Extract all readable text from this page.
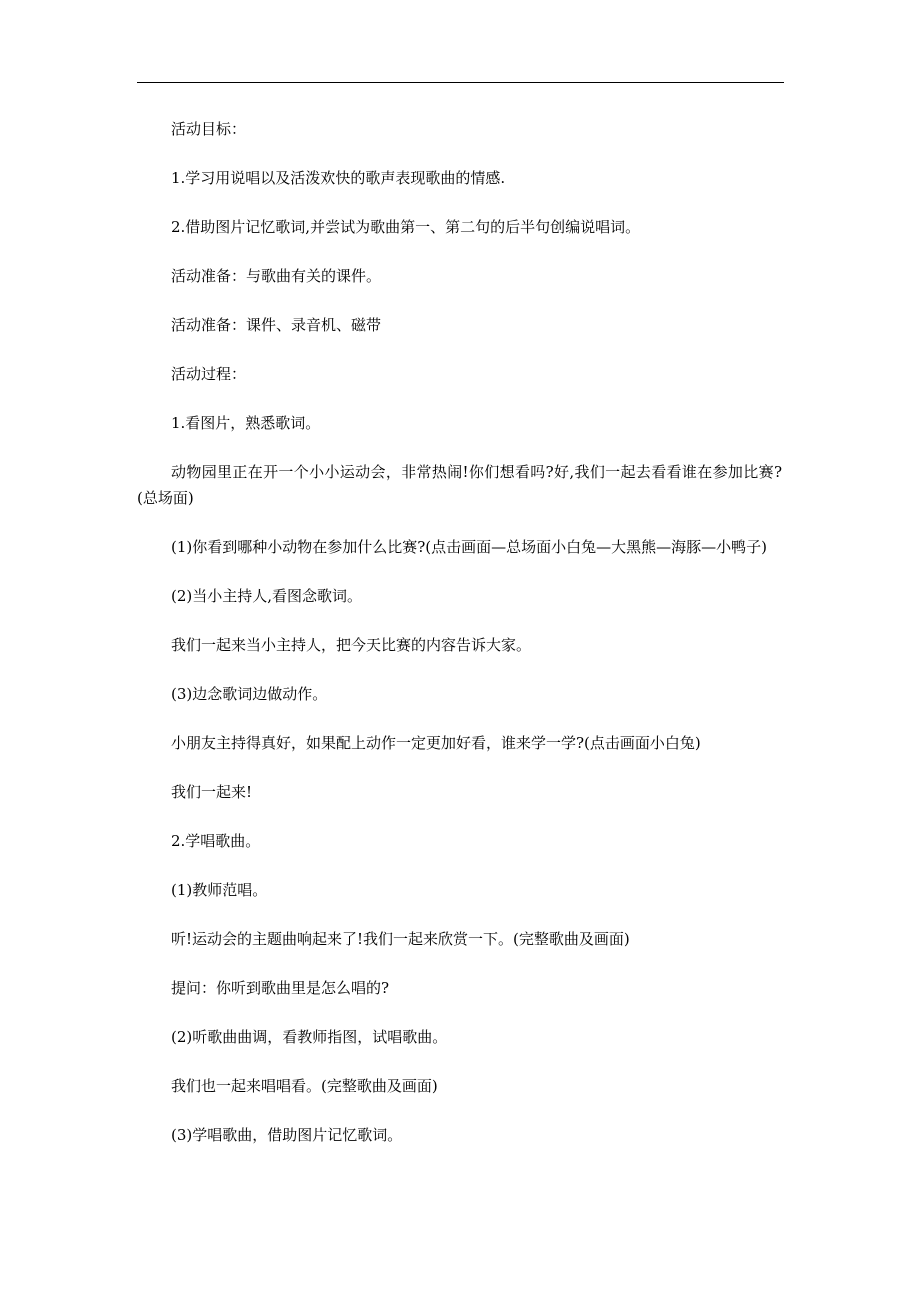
活动目标：

1.学习用说唱以及活泼欢快的歌声表现歌曲的情感.

2.借助图片记忆歌词,并尝试为歌曲第一、第二句的后半句创编说唱词。

活动准备：与歌曲有关的课件。

活动准备：课件、录音机、磁带

活动过程：

1.看图片，熟悉歌词。

动物园里正在开一个小小运动会，非常热闹!你们想看吗?好,我们一起去看看谁在参加比赛?(总场面)

(1)你看到哪种小动物在参加什么比赛?(点击画面—总场面小白兔—大黑熊—海豚—小鸭子)

(2)当小主持人,看图念歌词。

我们一起来当小主持人，把今天比赛的内容告诉大家。

(3)边念歌词边做动作。

小朋友主持得真好，如果配上动作一定更加好看，谁来学一学?(点击画面小白兔)

我们一起来!

2.学唱歌曲。

(1)教师范唱。

听!运动会的主题曲响起来了!我们一起来欣赏一下。(完整歌曲及画面)

提问：你听到歌曲里是怎么唱的?

(2)听歌曲曲调，看教师指图，试唱歌曲。

我们也一起来唱唱看。(完整歌曲及画面)

(3)学唱歌曲，借助图片记忆歌词。
